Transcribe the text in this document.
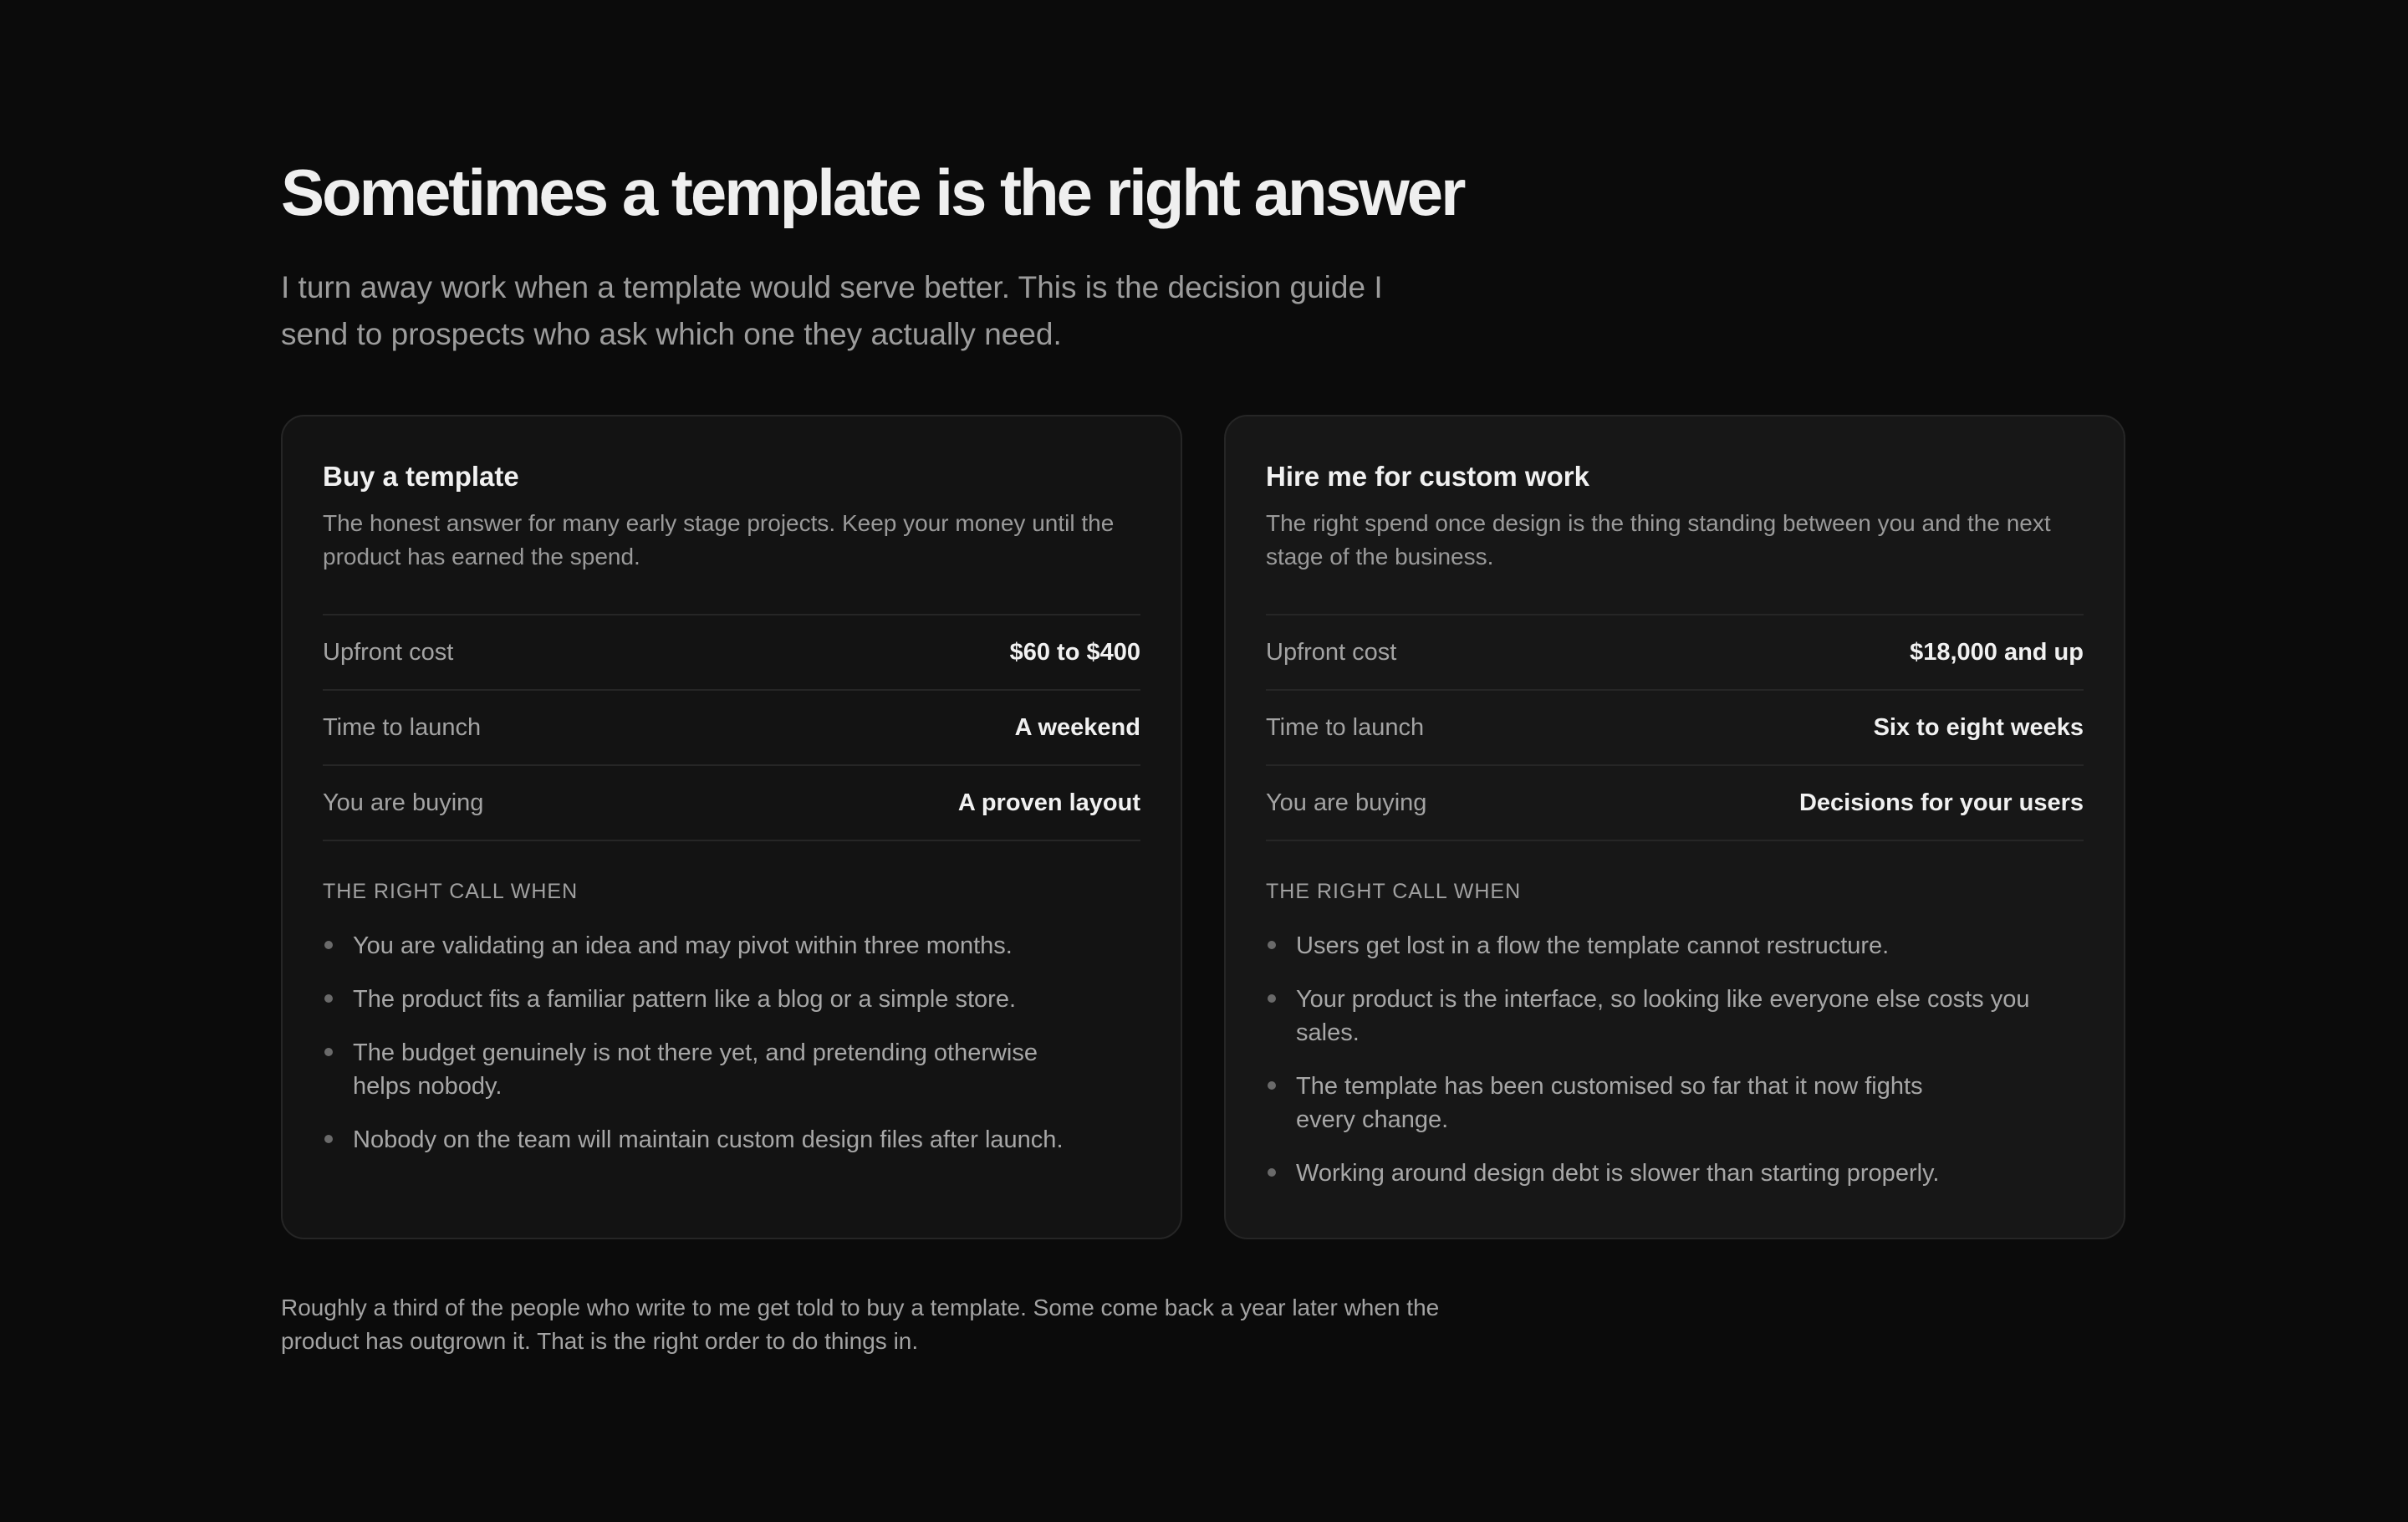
Sometimes a template is the right answer

I turn away work when a template would serve better. This is the decision guide I send to prospects who ask which one they actually need.

Buy a template

The honest answer for many early stage projects. Keep your money until the product has earned the spend.

Upfront cost	$60 to $400
Time to launch	A weekend
You are buying	A proven layout

THE RIGHT CALL WHEN

You are validating an idea and may pivot within three months.
The product fits a familiar pattern like a blog or a simple store.
The budget genuinely is not there yet, and pretending otherwise helps nobody.
Nobody on the team will maintain custom design files after launch.
Hire me for custom work

The right spend once design is the thing standing between you and the next stage of the business.

Upfront cost	$18,000 and up
Time to launch	Six to eight weeks
You are buying	Decisions for your users

THE RIGHT CALL WHEN

Users get lost in a flow the template cannot restructure.
Your product is the interface, so looking like everyone else costs you sales.
The template has been customised so far that it now fights every change.
Working around design debt is slower than starting properly.

Roughly a third of the people who write to me get told to buy a template. Some come back a year later when the product has outgrown it. That is the right order to do things in.
